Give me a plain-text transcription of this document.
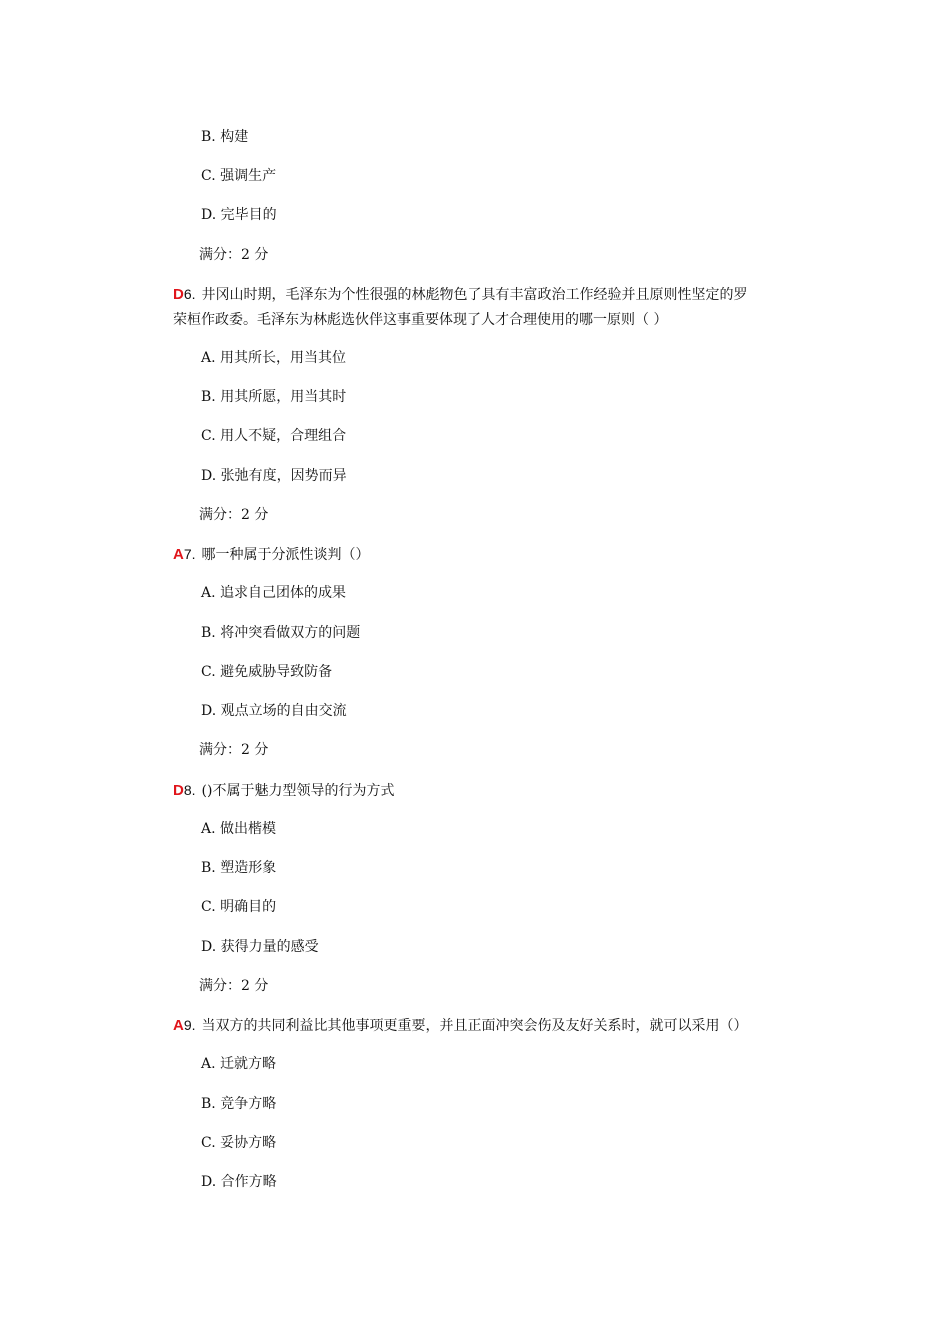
B. 构建
C. 强调生产
D. 完毕目的
满分：2 分
D6. 井冈山时期，毛泽东为个性很强的林彪物色了具有丰富政治工作经验并且原则性坚定的罗
荣桓作政委。毛泽东为林彪选伙伴这事重要体现了人才合理使用的哪一原则（ ）
A. 用其所长，用当其位
B. 用其所愿，用当其时
C. 用人不疑，合理组合
D. 张弛有度，因势而异
满分：2 分
A7. 哪一种属于分派性谈判（）
A. 追求自己团体的成果
B. 将冲突看做双方的问题
C. 避免威胁导致防备
D. 观点立场的自由交流
满分：2 分
D8. ()不属于魅力型领导的行为方式
A. 做出楷模
B. 塑造形象
C. 明确目的
D. 获得力量的感受
满分：2 分
A9. 当双方的共同利益比其他事项更重要，并且正面冲突会伤及友好关系时，就可以采用（）
A. 迁就方略
B. 竞争方略
C. 妥协方略
D. 合作方略
